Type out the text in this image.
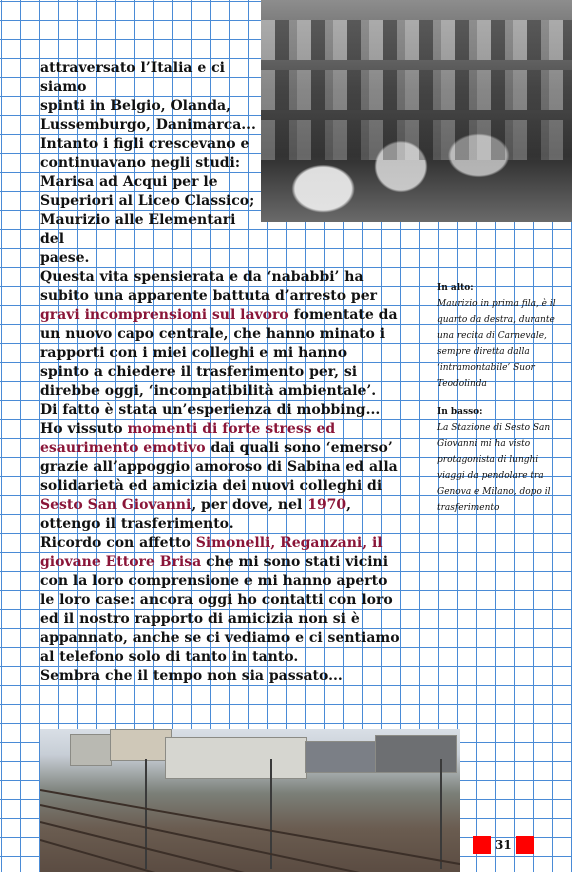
attraversato l’Italia e ci siamo

spinti in Belgio, Olanda,

Lussemburgo, Danimarca...

Intanto i figli crescevano e

continuavano negli studi:

Marisa ad Acqui per le

Superiori al Liceo Classico;

Maurizio alle Elementari del

paese.

Questa vita spensierata e da ‘nababbi’ ha subito una apparente battuta d’arresto per gravi incomprensioni sul lavoro fomentate da un nuovo capo centrale, che hanno minato i rapporti con i miei colleghi e mi hanno spinto a chiedere il trasferimento per, si direbbe oggi, ‘incompatibilità ambientale’.

Di fatto è stata un’esperienza di mobbing...

Ho vissuto momenti di forte stress ed esaurimento emotivo dai quali sono ‘emerso’ grazie all’appoggio amoroso di Sabina ed alla solidarietà ed amicizia dei nuovi colleghi di Sesto San Giovanni, per dove, nel 1970, ottengo il trasferimento.

Ricordo con affetto Simonelli, Reganzani, il giovane Ettore Brisa che mi sono stati vicini con la loro comprensione e mi hanno aperto le loro case: ancora oggi ho contatti con loro ed il nostro rapporto di amicizia non si è appannato, anche se ci vediamo e ci sentiamo al telefono solo di tanto in tanto.

Sembra che il tempo non sia passato...

In alto:
Maurizio in prima fila, è il quarto da destra, durante una recita di Carnevale, sempre diretta dalla ‘intramontabile’ Suor Teodolinda
In basso:
La Stazione di Sesto San Giovanni mi ha visto protagonista di lunghi viaggi da pendolare tra Genova e Milano, dopo il trasferimento
31
